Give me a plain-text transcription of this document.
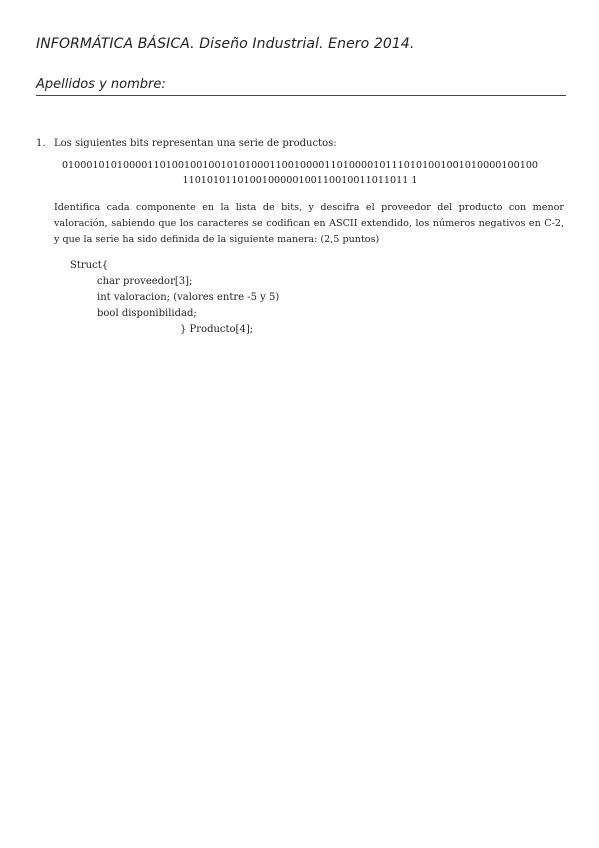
INFORMÁTICA BÁSICA. Diseño Industrial. Enero 2014.
Apellidos y nombre:
1. Los siguientes bits representan una serie de productos:
010001010100001101001001001010100011001000011010000101110101001001010000100100
1101010110100100000100110010011011011 1
Identifica cada componente en la lista de bits, y descifra el proveedor del producto con menor valoración, sabiendo que los caracteres se codifican en ASCII extendido, los números negativos en C-2, y que la serie ha sido definida de la siguiente manera: (2,5 puntos)
Struct{
char proveedor[3];
int valoracion; (valores entre -5 y 5)
bool disponibilidad;
} Producto[4];
